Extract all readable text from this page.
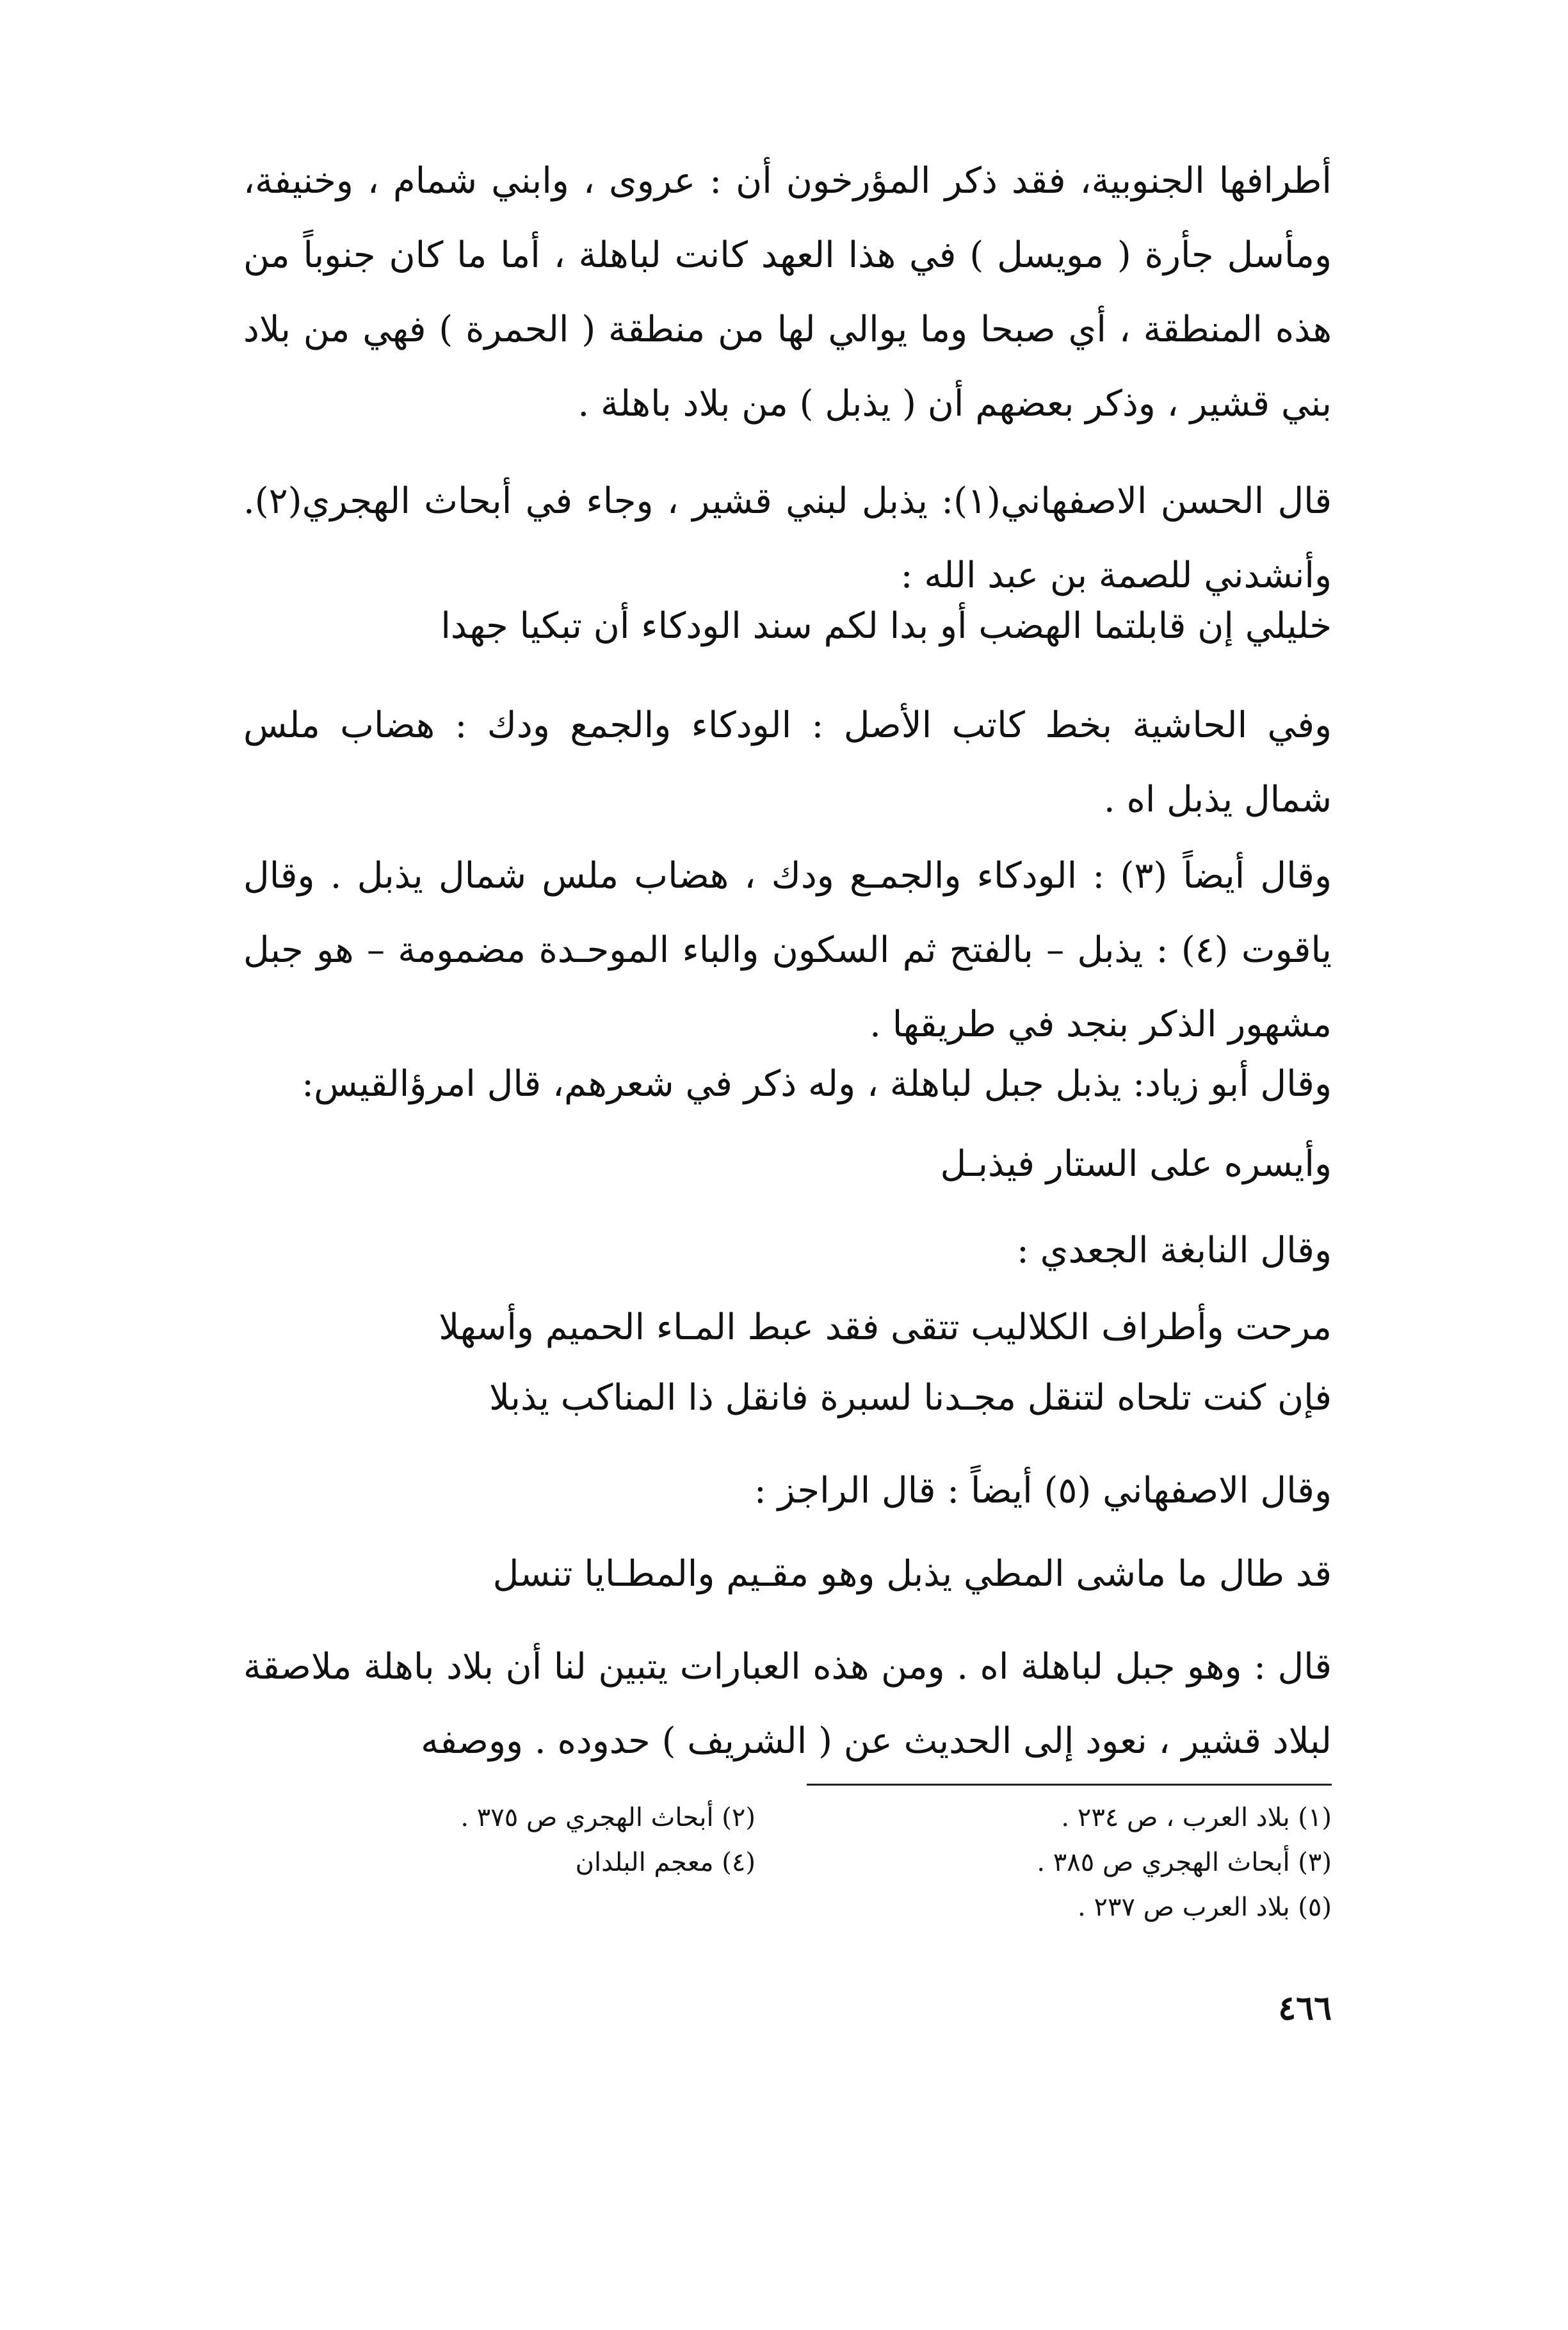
أطرافها الجنوبية، فقد ذكر المؤرخون أن : عروى ، وابني شمام ، وخنيفة، ومأسل جأرة ( مويسل ) في هذا العهد كانت لباهلة ، أما ما كان جنوباً من هذه المنطقة ، أي صبحا وما يوالي لها من منطقة ( الحمرة ) فهي من بلاد بني قشير ، وذكر بعضهم أن ( يذبل ) من بلاد باهلة .

قال الحسن الاصفهاني(١): يذبل لبني قشير ، وجاء في أبحاث الهجري(٢). وأنشدني للصمة بن عبد الله :

خليلي إن قابلتما الهضب أو بدا لكم سند الودكاء أن تبكيا جهدا

وفي الحاشية بخط كاتب الأصل : الودكاء والجمع ودك : هضاب ملس شمال يذبل اه .

وقال أيضاً (٣) : الودكاء والجمـع ودك ، هضاب ملس شمال يذبل . وقال ياقوت (٤) : يذبل – بالفتح ثم السكون والباء الموحـدة مضمومة – هو جبل مشهور الذكر بنجد في طريقها .

وقال أبو زياد: يذبل جبل لباهلة ، وله ذكر في شعرهم، قال امرؤالقيس:

وأيسره على الستار فيذبـل

وقال النابغة الجعدي :

مرحت وأطراف الكلاليب تتقى فقد عبط المـاء الحميم وأسهلا
فإن كنت تلحاه لتنقل مجـدنا لسبرة فانقل ذا المناكب يذبلا

وقال الاصفهاني (٥) أيضاً : قال الراجز :

قد طال ما ماشى المطي يذبل وهو مقـيم والمطـايا تنسل

قال : وهو جبل لباهلة اه . ومن هذه العبارات يتبين لنا أن بلاد باهلة ملاصقة لبلاد قشير ، نعود إلى الحديث عن ( الشريف ) حدوده . ووصفه

(١) بلاد العرب ، ص ٢٣٤ .
(٢) أبحاث الهجري ص ٣٧٥ .
(٣) أبحاث الهجري ص ٣٨٥ .
(٤) معجم البلدان
(٥) بلاد العرب ص ٢٣٧ .
٤٦٦
